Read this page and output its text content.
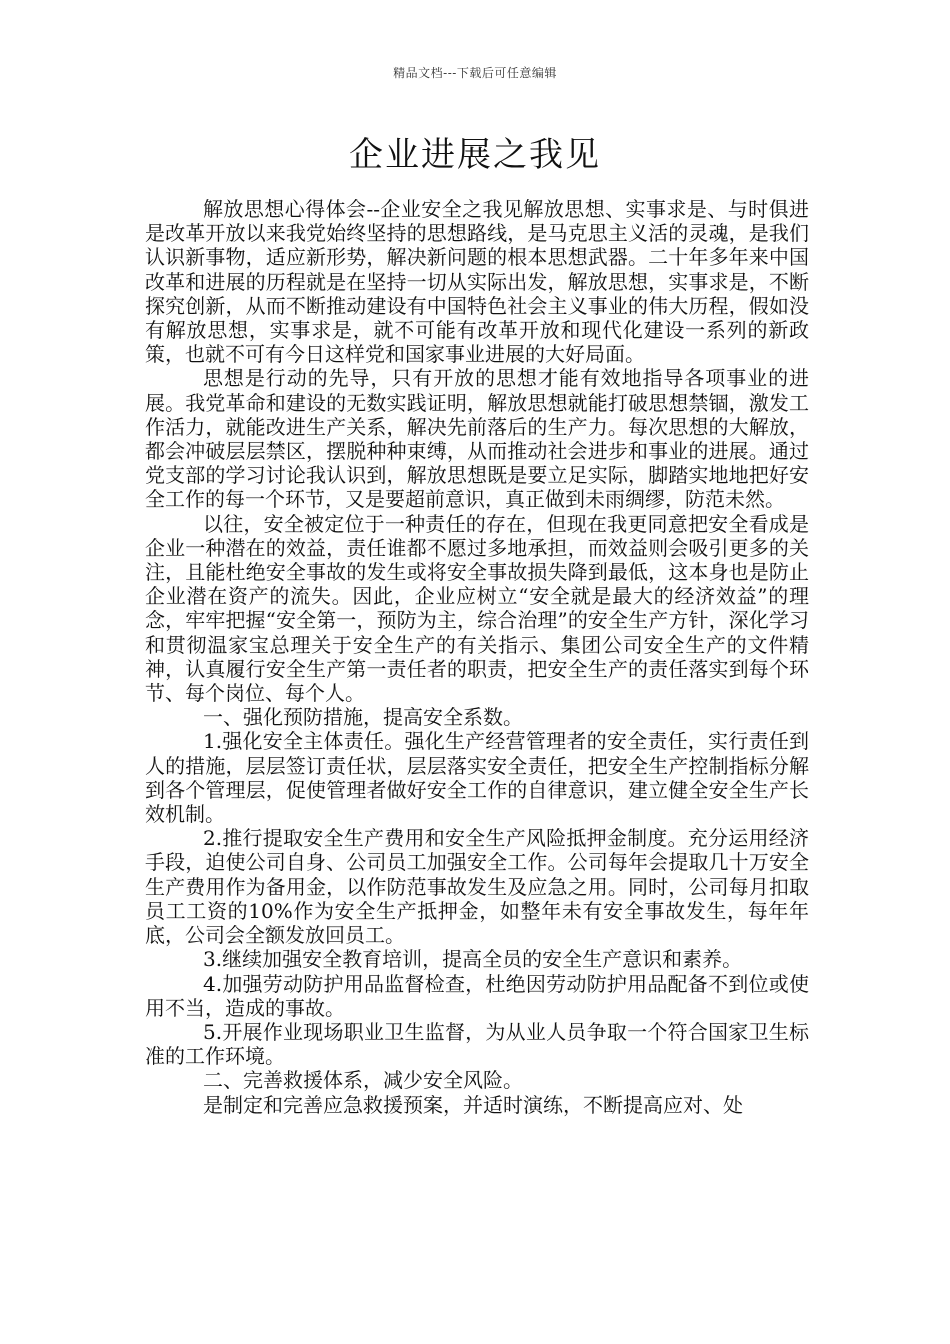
精品文档---下载后可任意编辑
企业进展之我见

解放思想心得体会--企业安全之我见解放思想、实事求是、与时俱进是改革开放以来我党始终坚持的思想路线，是马克思主义活的灵魂，是我们认识新事物，适应新形势，解决新问题的根本思想武器。二十年多年来中国改革和进展的历程就是在坚持一切从实际出发，解放思想，实事求是，不断探究创新，从而不断推动建设有中国特色社会主义事业的伟大历程，假如没有解放思想，实事求是，就不可能有改革开放和现代化建设一系列的新政策，也就不可有今日这样党和国家事业进展的大好局面。

思想是行动的先导，只有开放的思想才能有效地指导各项事业的进展。我党革命和建设的无数实践证明，解放思想就能打破思想禁锢，激发工作活力，就能改进生产关系，解决先前落后的生产力。每次思想的大解放，都会冲破层层禁区，摆脱种种束缚，从而推动社会进步和事业的进展。通过党支部的学习讨论我认识到，解放思想既是要立足实际，脚踏实地地把好安全工作的每一个环节，又是要超前意识，真正做到未雨绸缪，防范未然。

以往，安全被定位于一种责任的存在，但现在我更同意把安全看成是企业一种潜在的效益，责任谁都不愿过多地承担，而效益则会吸引更多的关注，且能杜绝安全事故的发生或将安全事故损失降到最低，这本身也是防止企业潜在资产的流失。因此，企业应树立“安全就是最大的经济效益”的理念，牢牢把握“安全第一，预防为主，综合治理”的安全生产方针，深化学习和贯彻温家宝总理关于安全生产的有关指示、集团公司安全生产的文件精神，认真履行安全生产第一责任者的职责，把安全生产的责任落实到每个环节、每个岗位、每个人。

一、强化预防措施，提高安全系数。

1.强化安全主体责任。强化生产经营管理者的安全责任，实行责任到人的措施，层层签订责任状，层层落实安全责任，把安全生产控制指标分解到各个管理层，促使管理者做好安全工作的自律意识，建立健全安全生产长效机制。

2.推行提取安全生产费用和安全生产风险抵押金制度。充分运用经济手段，迫使公司自身、公司员工加强安全工作。公司每年会提取几十万安全生产费用作为备用金，以作防范事故发生及应急之用。同时，公司每月扣取员工工资的10%作为安全生产抵押金，如整年未有安全事故发生，每年年底，公司会全额发放回员工。

3.继续加强安全教育培训，提高全员的安全生产意识和素养。

4.加强劳动防护用品监督检查，杜绝因劳动防护用品配备不到位或使用不当，造成的事故。

5.开展作业现场职业卫生监督，为从业人员争取一个符合国家卫生标准的工作环境。

二、完善救援体系，减少安全风险。

是制定和完善应急救援预案，并适时演练，不断提高应对、处
